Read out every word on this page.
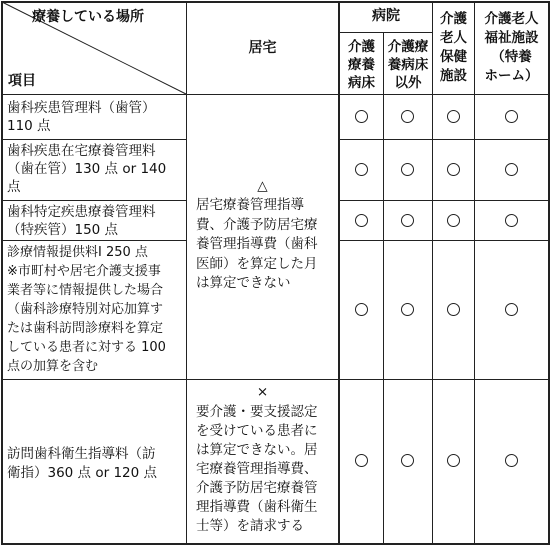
療養している場所
項目
居宅
病院
介護
療養
病床
介護療
養病床
以外
介護
老人
保健
施設
介護老人
福祉施設
（特養
ホーム）
歯科疾患管理料（歯管）
110 点
歯科疾患在宅療養管理料
（歯在管）130 点 or 140
点
歯科特定疾患療養管理料
（特疾管）150 点
診療情報提供料Ⅰ 250 点
※市町村や居宅介護支援事
業者等に情報提供した場合
（歯科診療特別対応加算す
たは歯科訪問診療料を算定
している患者に対する 100
点の加算を含む
訪問歯科衛生指導料（訪
衛指）360 点 or 120 点
△
居宅療養管理指導
費、介護予防居宅療
養管理指導費（歯科
医師）を算定した月
は算定できない
×
要介護・要支援認定
を受けている患者に
は算定できない。居
宅療養管理指導費、
介護予防居宅療養管
理指導費（歯科衛生
士等）を請求する
